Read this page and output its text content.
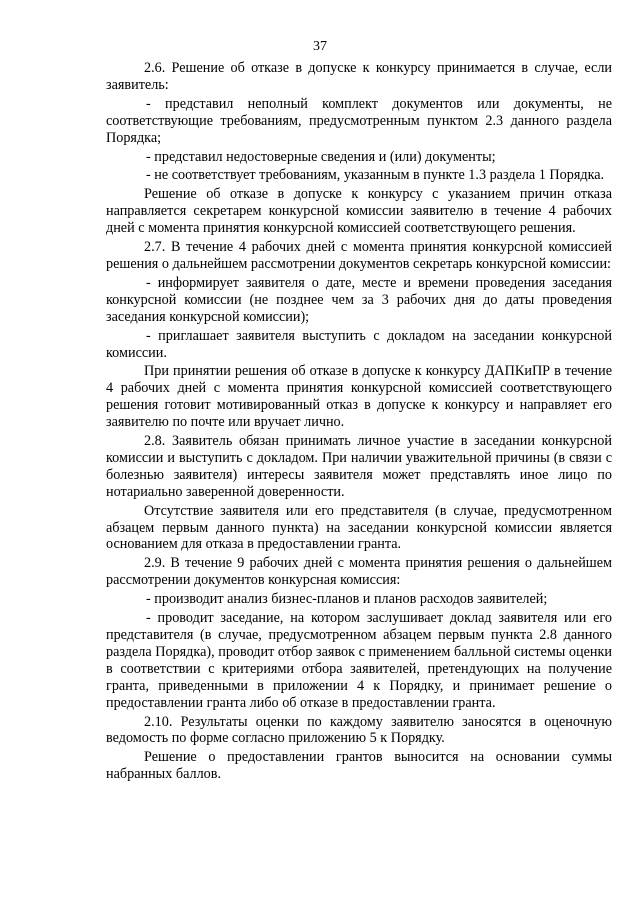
37

2.6. Решение об отказе в допуске к конкурсу принимается в случае, если заявитель:

- представил неполный комплект документов или документы, не соответствующие требованиям, предусмотренным пунктом 2.3 данного раздела Порядка;

- представил недостоверные сведения и (или) документы;

- не соответствует требованиям, указанным в пункте 1.3 раздела 1 Порядка.

Решение об отказе в допуске к конкурсу с указанием причин отказа направляется секретарем конкурсной комиссии заявителю в течение 4 рабочих дней с момента принятия конкурсной комиссией соответствующего решения.

2.7. В течение 4 рабочих дней с момента принятия конкурсной комиссией решения о дальнейшем рассмотрении документов секретарь конкурсной комиссии:

- информирует заявителя о дате, месте и времени проведения заседания конкурсной комиссии (не позднее чем за 3 рабочих дня до даты проведения заседания конкурсной комиссии);

- приглашает заявителя выступить с докладом на заседании конкурсной комиссии.

При принятии решения об отказе в допуске к конкурсу ДАПКиПР в течение 4 рабочих дней с момента принятия конкурсной комиссией соответствующего решения готовит мотивированный отказ в допуске к конкурсу и направляет его заявителю по почте или вручает лично.

2.8. Заявитель обязан принимать личное участие в заседании конкурсной комиссии и выступить с докладом. При наличии уважительной причины (в связи с болезнью заявителя) интересы заявителя может представлять иное лицо по нотариально заверенной доверенности.

Отсутствие заявителя или его представителя (в случае, предусмотренном абзацем первым данного пункта) на заседании конкурсной комиссии является основанием для отказа в предоставлении гранта.

2.9. В течение 9 рабочих дней с момента принятия решения о дальнейшем рассмотрении документов конкурсная комиссия:

- производит анализ бизнес-планов и планов расходов заявителей;

- проводит заседание, на котором заслушивает доклад заявителя или его представителя (в случае, предусмотренном абзацем первым пункта 2.8 данного раздела Порядка), проводит отбор заявок с применением балльной системы оценки в соответствии с критериями отбора заявителей, претендующих на получение гранта, приведенными в приложении 4 к Порядку, и принимает решение о предоставлении гранта либо об отказе в предоставлении гранта.

2.10. Результаты оценки по каждому заявителю заносятся в оценочную ведомость по форме согласно приложению 5 к Порядку.

Решение о предоставлении грантов выносится на основании суммы набранных баллов.
